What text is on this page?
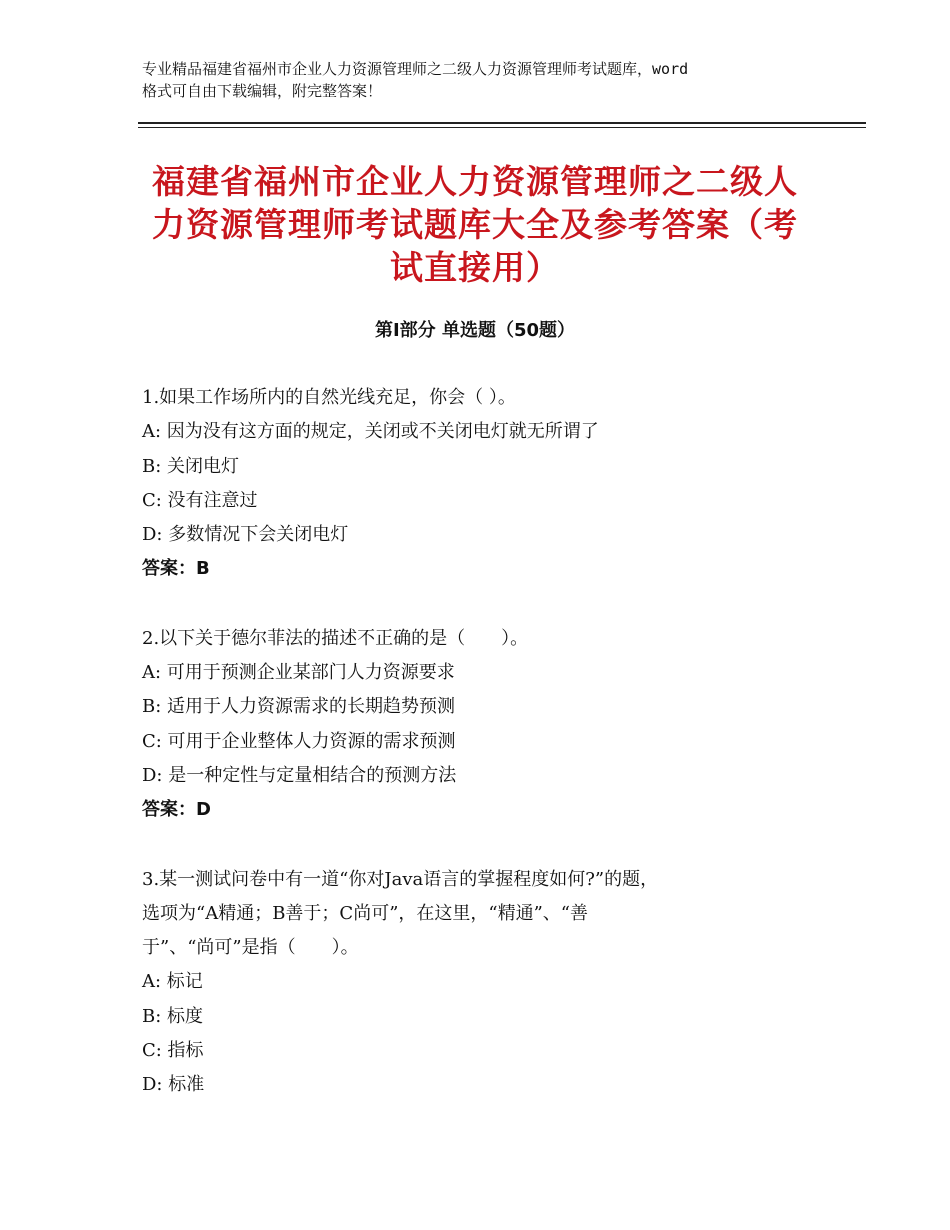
专业精品福建省福州市企业人力资源管理师之二级人力资源管理师考试题库，word
格式可自由下载编辑，附完整答案！
福建省福州市企业人力资源管理师之二级人
力资源管理师考试题库大全及参考答案（考
试直接用）
第Ⅰ部分 单选题（50题）
1.如果工作场所内的自然光线充足，你会（ ）。
A: 因为没有这方面的规定，关闭或不关闭电灯就无所谓了
B: 关闭电灯
C: 没有注意过
D: 多数情况下会关闭电灯
答案：B
2.以下关于德尔菲法的描述不正确的是（　　）。
A: 可用于预测企业某部门人力资源要求
B: 适用于人力资源需求的长期趋势预测
C: 可用于企业整体人力资源的需求预测
D: 是一种定性与定量相结合的预测方法
答案：D
3.某一测试问卷中有一道“你对Java语言的掌握程度如何?”的题，
选项为“A精通；B善于；C尚可”，在这里，“精通”、“善
于”、“尚可”是指（　　）。
A: 标记
B: 标度
C: 指标
D: 标准
